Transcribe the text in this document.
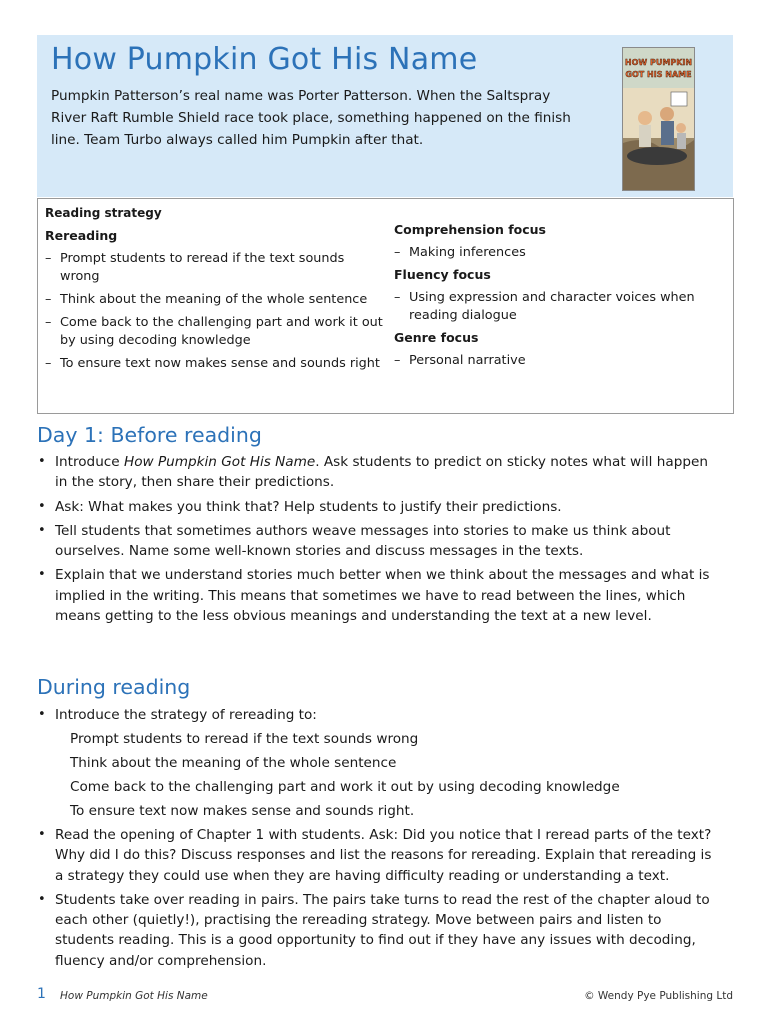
How Pumpkin Got His Name

Pumpkin Patterson’s real name was Porter Patterson. When the Saltspray River Raft Rumble Shield race took place, something happened on the finish line. Team Turbo always called him Pumpkin after that.

HOW PUMPKIN
GOT HIS NAME
Reading strategy
Rereading
– Prompt students to reread if the text sounds wrong
– Think about the meaning of the whole sentence
– Come back to the challenging part and work it out by using decoding knowledge
– To ensure text now makes sense and sounds right
Comprehension focus
– Making inferences
Fluency focus
– Using expression and character voices when reading dialogue
Genre focus
– Personal narrative
Day 1: Before reading
• Introduce How Pumpkin Got His Name. Ask students to predict on sticky notes what will happen in the story, then share their predictions.
• Ask: What makes you think that? Help students to justify their predictions.
• Tell students that sometimes authors weave messages into stories to make us think about ourselves. Name some well-known stories and discuss messages in the texts.
• Explain that we understand stories much better when we think about the messages and what is implied in the writing. This means that sometimes we have to read between the lines, which means getting to the less obvious meanings and understanding the text at a new level.
During reading
• Introduce the strategy of rereading to:
Prompt students to reread if the text sounds wrong
Think about the meaning of the whole sentence
Come back to the challenging part and work it out by using decoding knowledge
To ensure text now makes sense and sounds right.
• Read the opening of Chapter 1 with students. Ask: Did you notice that I reread parts of the text? Why did I do this? Discuss responses and list the reasons for rereading. Explain that rereading is a strategy they could use when they are having difficulty reading or understanding a text.
• Students take over reading in pairs. The pairs take turns to read the rest of the chapter aloud to each other (quietly!), practising the rereading strategy. Move between pairs and listen to students reading. This is a good opportunity to find out if they have any issues with decoding, fluency and/or comprehension.
1 How Pumpkin Got His Name	© Wendy Pye Publishing Ltd
